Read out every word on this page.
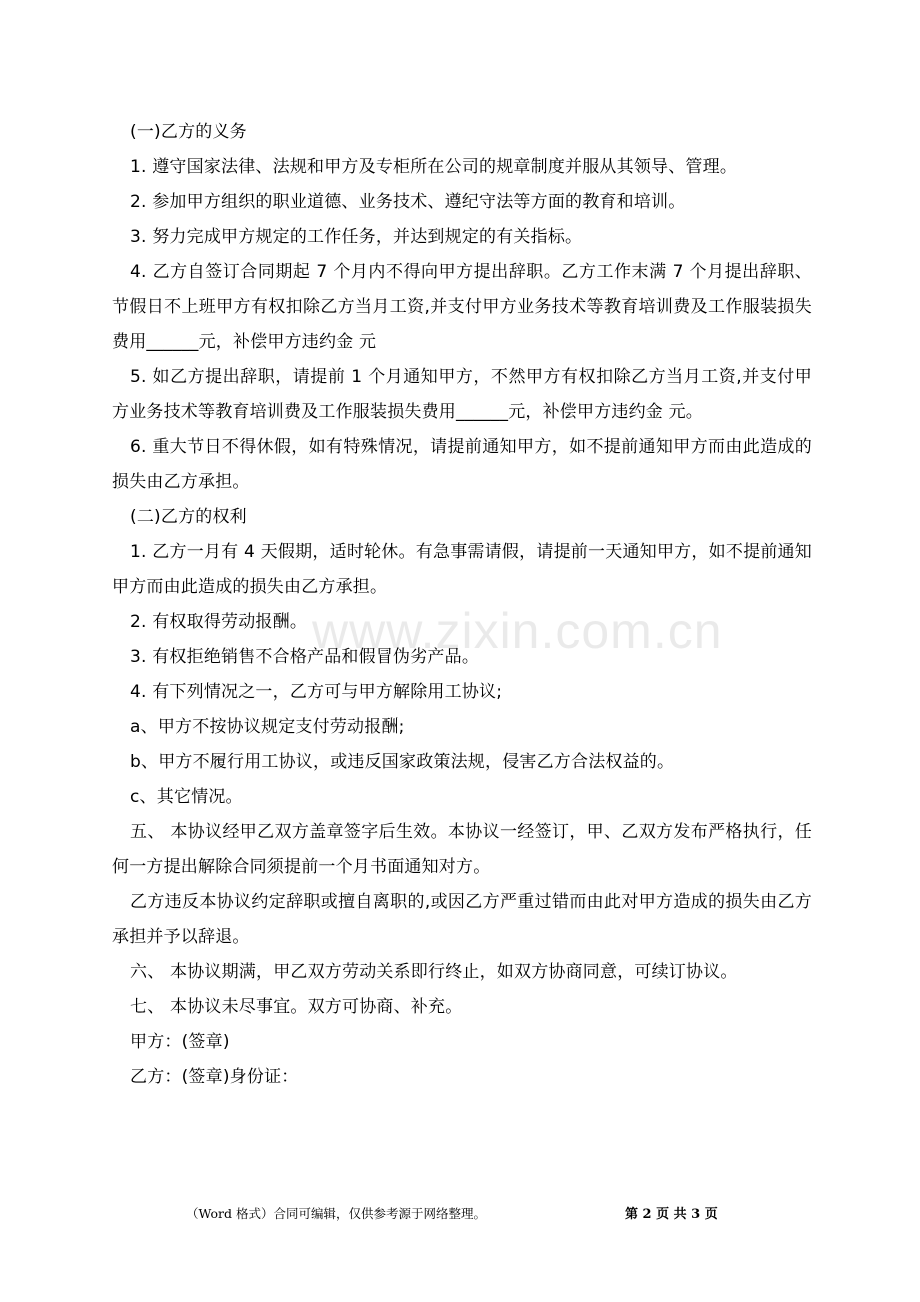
(一)乙方的义务

1. 遵守国家法律、法规和甲方及专柜所在公司的规章制度并服从其领导、管理。

2. 参加甲方组织的职业道德、业务技术、遵纪守法等方面的教育和培训。

3. 努力完成甲方规定的工作任务，并达到规定的有关指标。

4. 乙方自签订合同期起 7 个月内不得向甲方提出辞职。乙方工作末满 7 个月提出辞职、节假日不上班甲方有权扣除乙方当月工资,并支付甲方业务技术等教育培训费及工作服装损失费用______元，补偿甲方违约金 元

5. 如乙方提出辞职，请提前 1 个月通知甲方，不然甲方有权扣除乙方当月工资,并支付甲方业务技术等教育培训费及工作服装损失费用______元，补偿甲方违约金 元。

6. 重大节日不得休假，如有特殊情况，请提前通知甲方，如不提前通知甲方而由此造成的损失由乙方承担。

(二)乙方的权利

1. 乙方一月有 4 天假期，适时轮休。有急事需请假，请提前一天通知甲方，如不提前通知甲方而由此造成的损失由乙方承担。

2. 有权取得劳动报酬。

3. 有权拒绝销售不合格产品和假冒伪劣产品。

4. 有下列情况之一，乙方可与甲方解除用工协议;

a、甲方不按协议规定支付劳动报酬;

b、甲方不履行用工协议，或违反国家政策法规，侵害乙方合法权益的。

c、其它情况。

五、 本协议经甲乙双方盖章签字后生效。本协议一经签订，甲、乙双方发布严格执行，任何一方提出解除合同须提前一个月书面通知对方。

乙方违反本协议约定辞职或擅自离职的,或因乙方严重过错而由此对甲方造成的损失由乙方承担并予以辞退。

六、 本协议期满，甲乙双方劳动关系即行终止，如双方协商同意，可续订协议。

七、 本协议未尽事宜。双方可协商、补充。

甲方：(签章)

乙方：(签章)身份证：

www.zixin.com.cn
（Word 格式）合同可编辑，仅供参考源于网络整理。	第 2 页 共 3 页
